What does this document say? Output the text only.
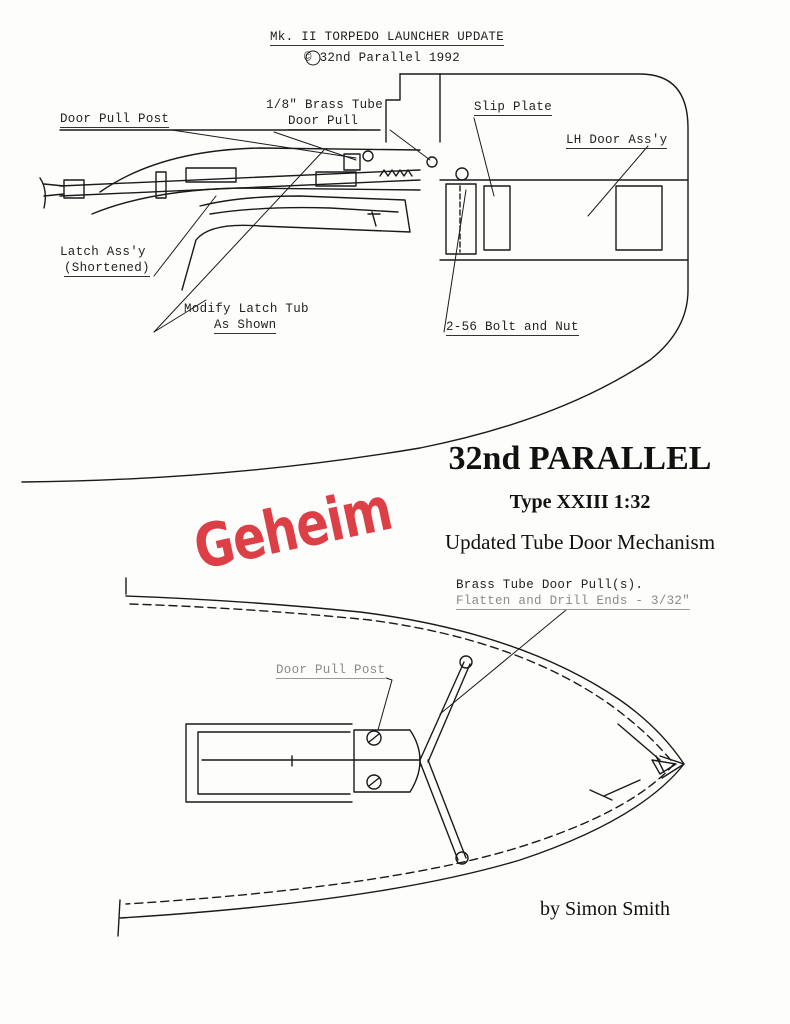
Mk. II TORPEDO LAUNCHER UPDATE
© 32nd Parallel 1992
Door Pull Post
1/8" Brass Tube
Door Pull
Slip Plate
LH Door Ass'y
Latch Ass'y
(Shortened)
Modify Latch Tub
As Shown	2-56 Bolt and Nut
32nd PARALLEL
Type XXIII 1:32
Updated Tube Door Mechanism
Geheim
Brass Tube Door Pull(s).
Flatten and Drill Ends - 3/32"
Door Pull Post
by Simon Smith
